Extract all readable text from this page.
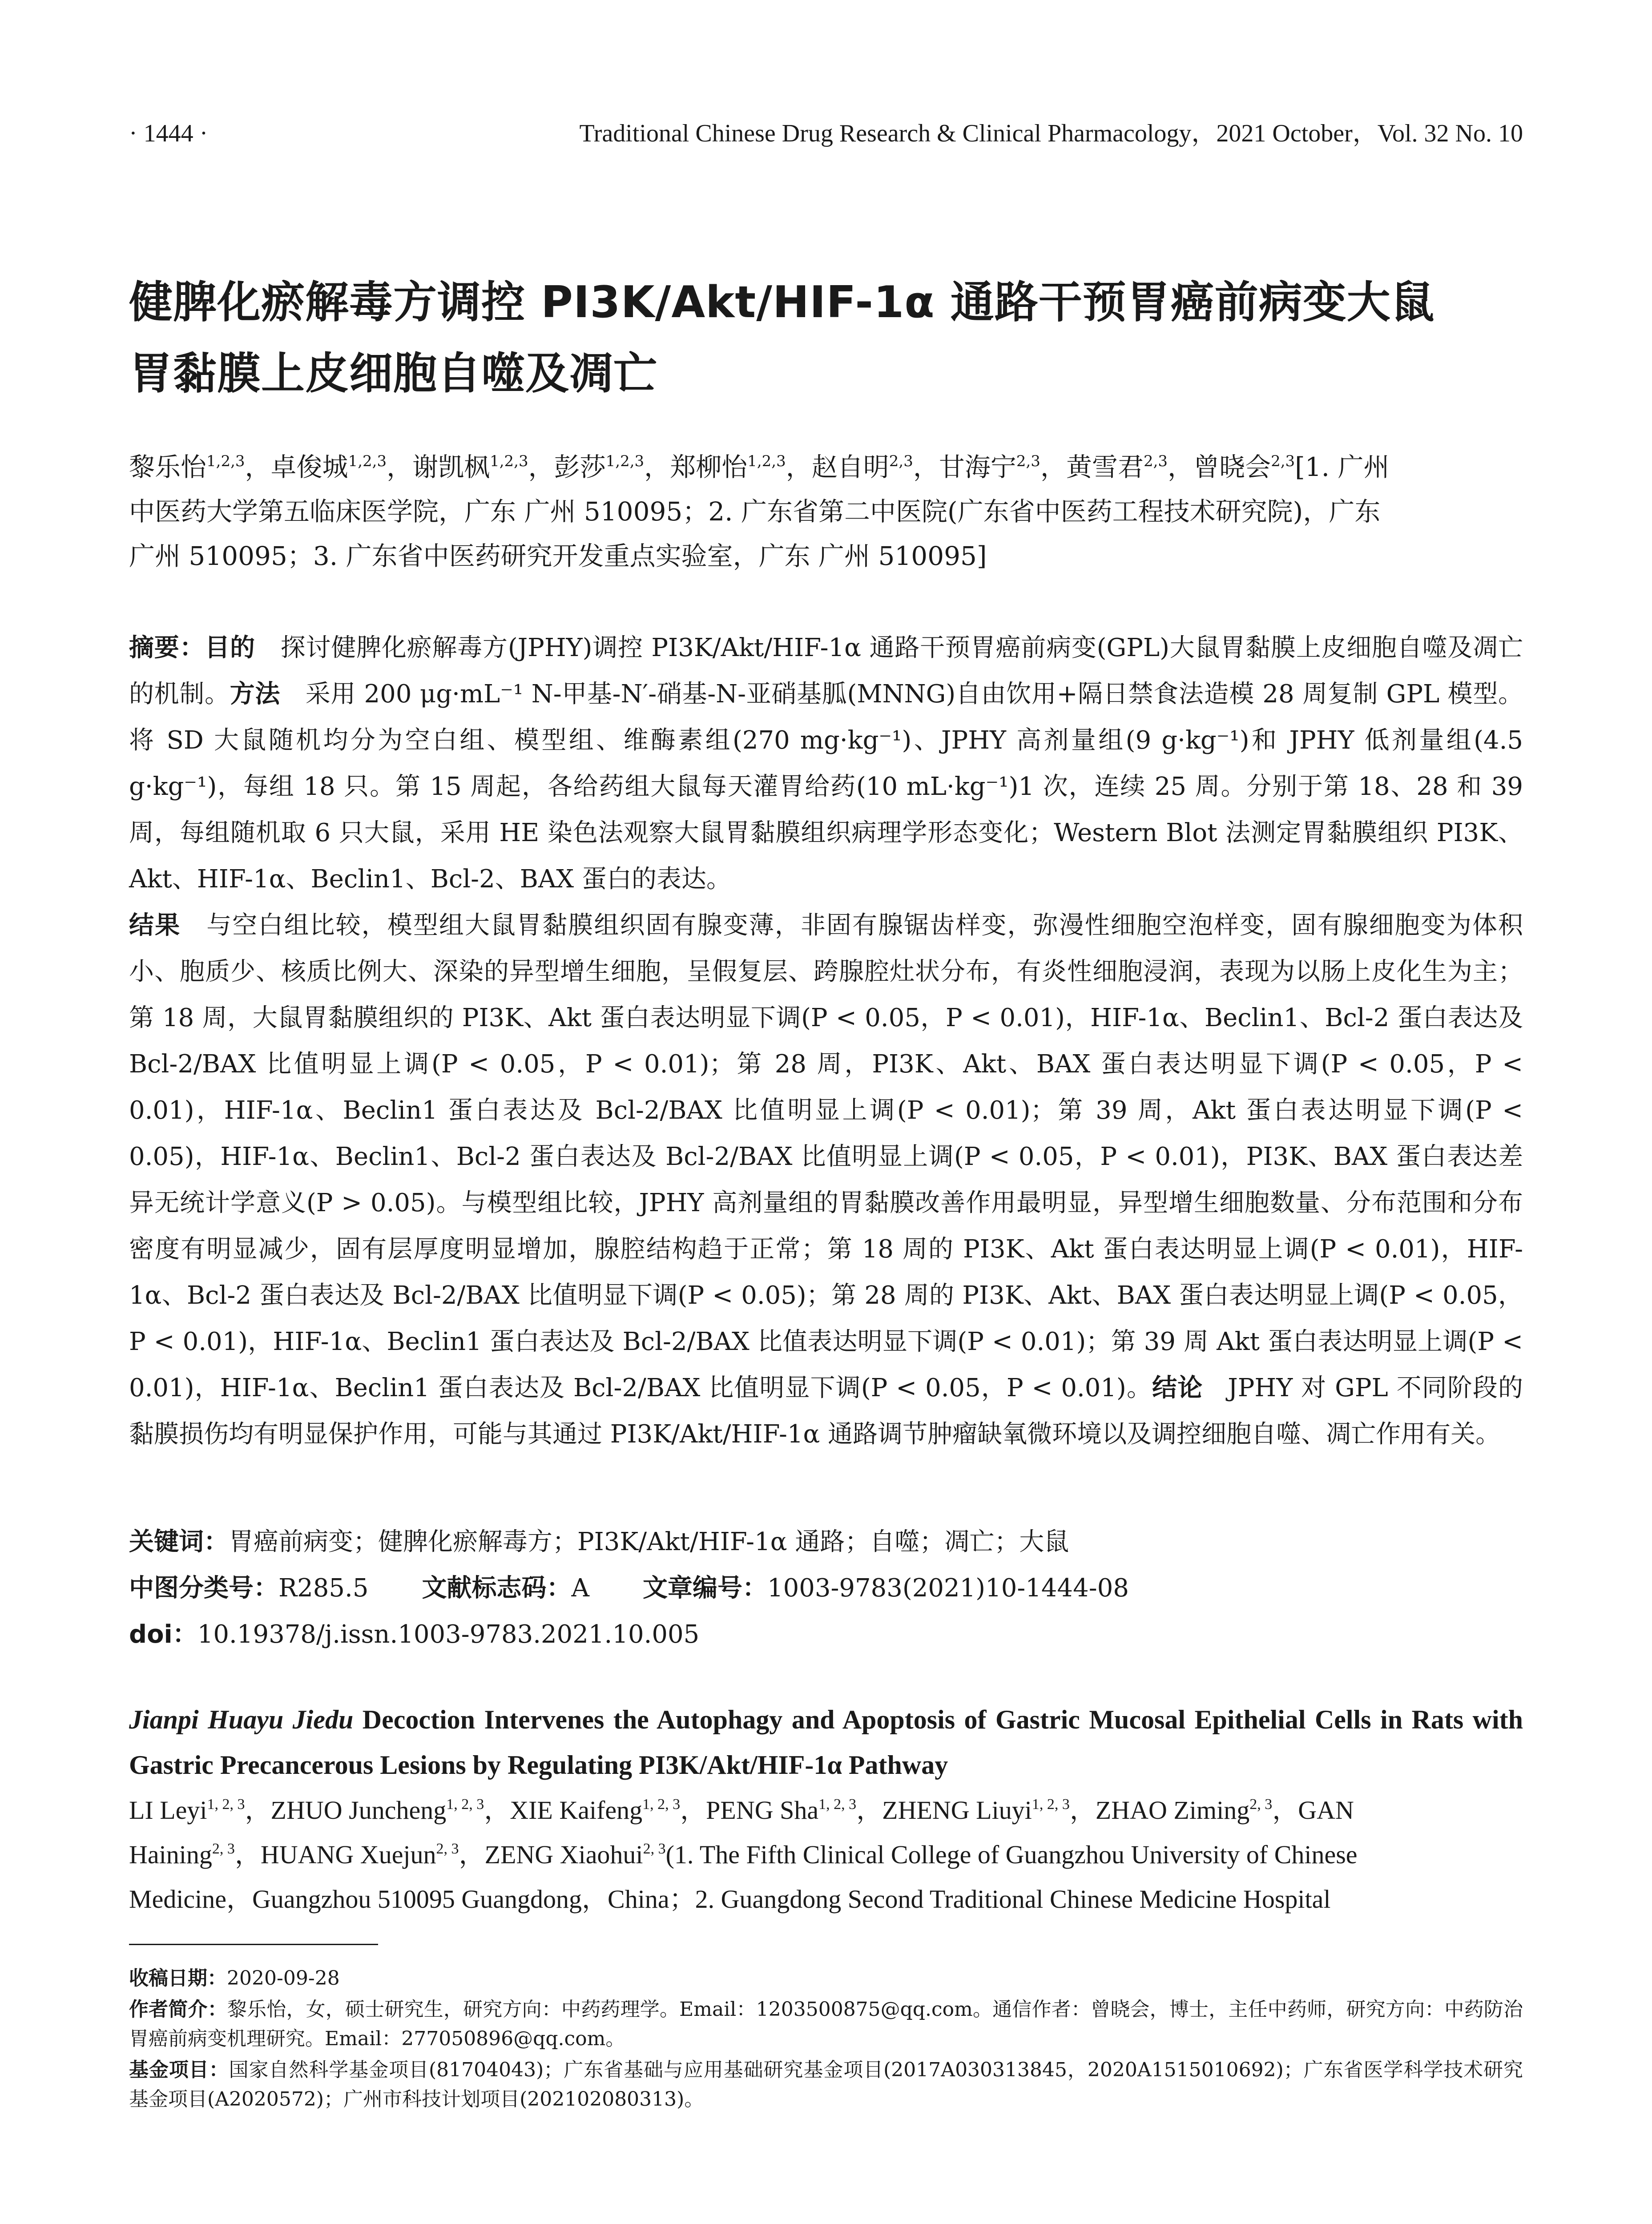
· 1444 ·	Traditional Chinese Drug Research & Clinical Pharmacology，2021 October，Vol. 32 No. 10
健脾化瘀解毒方调控 PI3K/Akt/HIF-1α 通路干预胃癌前病变大鼠
胃黏膜上皮细胞自噬及凋亡
黎乐怡$^{1,2,3}$，卓俊城$^{1,2,3}$，谢凯枫$^{1,2,3}$，彭莎$^{1,2,3}$，郑柳怡$^{1,2,3}$，赵自明$^{2,3}$，甘海宁$^{2,3}$，黄雪君$^{2,3}$，曾晓会$^{2,3}$[1. 广州
中医药大学第五临床医学院，广东 广州 510095；2. 广东省第二中医院(广东省中医药工程技术研究院)，广东
广州 510095；3. 广东省中医药研究开发重点实验室，广东 广州 510095]

摘要：目的  探讨健脾化瘀解毒方(JPHY)调控 PI3K/Akt/HIF-1α 通路干预胃癌前病变(GPL)大鼠胃黏膜上皮细胞自噬及凋亡的机制。方法  采用 200 μg·mL⁻¹ N-甲基-N′-硝基-N-亚硝基胍(MNNG)自由饮用+隔日禁食法造模 28 周复制 GPL 模型。将 SD 大鼠随机均分为空白组、模型组、维酶素组(270 mg·kg⁻¹)、JPHY 高剂量组(9 g·kg⁻¹)和 JPHY 低剂量组(4.5 g·kg⁻¹)，每组 18 只。第 15 周起，各给药组大鼠每天灌胃给药(10 mL·kg⁻¹)1 次，连续 25 周。分别于第 18、28 和 39 周，每组随机取 6 只大鼠，采用 HE 染色法观察大鼠胃黏膜组织病理学形态变化；Western Blot 法测定胃黏膜组织 PI3K、Akt、HIF-1α、Beclin1、Bcl-2、BAX 蛋白的表达。
结果  与空白组比较，模型组大鼠胃黏膜组织固有腺变薄，非固有腺锯齿样变，弥漫性细胞空泡样变，固有腺细胞变为体积小、胞质少、核质比例大、深染的异型增生细胞，呈假复层、跨腺腔灶状分布，有炎性细胞浸润，表现为以肠上皮化生为主；第 18 周，大鼠胃黏膜组织的 PI3K、Akt 蛋白表达明显下调(P < 0.05，P < 0.01)，HIF-1α、Beclin1、Bcl-2 蛋白表达及 Bcl-2/BAX 比值明显上调(P < 0.05，P < 0.01)；第 28 周，PI3K、Akt、BAX 蛋白表达明显下调(P < 0.05，P < 0.01)，HIF-1α、Beclin1 蛋白表达及 Bcl-2/BAX 比值明显上调(P < 0.01)；第 39 周，Akt 蛋白表达明显下调(P < 0.05)，HIF-1α、Beclin1、Bcl-2 蛋白表达及 Bcl-2/BAX 比值明显上调(P < 0.05，P < 0.01)，PI3K、BAX 蛋白表达差异无统计学意义(P > 0.05)。与模型组比较，JPHY 高剂量组的胃黏膜改善作用最明显，异型增生细胞数量、分布范围和分布密度有明显减少，固有层厚度明显增加，腺腔结构趋于正常；第 18 周的 PI3K、Akt 蛋白表达明显上调(P < 0.01)，HIF-1α、Bcl-2 蛋白表达及 Bcl-2/BAX 比值明显下调(P < 0.05)；第 28 周的 PI3K、Akt、BAX 蛋白表达明显上调(P < 0.05，P < 0.01)，HIF-1α、Beclin1 蛋白表达及 Bcl-2/BAX 比值表达明显下调(P < 0.01)；第 39 周 Akt 蛋白表达明显上调(P < 0.01)，HIF-1α、Beclin1 蛋白表达及 Bcl-2/BAX 比值明显下调(P < 0.05，P < 0.01)。结论  JPHY 对 GPL 不同阶段的黏膜损伤均有明显保护作用，可能与其通过 PI3K/Akt/HIF-1α 通路调节肿瘤缺氧微环境以及调控细胞自噬、凋亡作用有关。

关键词：胃癌前病变；健脾化瘀解毒方；PI3K/Akt/HIF-1α 通路；自噬；凋亡；大鼠
中图分类号：R285.5 文献标志码：A 文章编号：1003-9783(2021)10-1444-08
doi：10.19378/j.issn.1003-9783.2021.10.005
Jianpi Huayu Jiedu Decoction Intervenes the Autophagy and Apoptosis of Gastric Mucosal Epithelial Cells in Rats with Gastric Precancerous Lesions by Regulating PI3K/Akt/HIF-1α Pathway
LI Leyi$^{1, 2, 3}$，ZHUO Juncheng$^{1, 2, 3}$，XIE Kaifeng$^{1, 2, 3}$，PENG Sha$^{1, 2, 3}$，ZHENG Liuyi$^{1, 2, 3}$，ZHAO Ziming$^{2, 3}$，GAN
Haining$^{2, 3}$，HUANG Xuejun$^{2, 3}$，ZENG Xiaohui$^{2, 3}$(1. The Fifth Clinical College of Guangzhou University of Chinese
Medicine，Guangzhou 510095 Guangdong，China；2. Guangdong Second Traditional Chinese Medicine Hospital

收稿日期：2020-09-28

作者简介：黎乐怡，女，硕士研究生，研究方向：中药药理学。Email：1203500875@qq.com。通信作者：曾晓会，博士，主任中药师，研究方向：中药防治胃癌前病变机理研究。Email：277050896@qq.com。

基金项目：国家自然科学基金项目(81704043)；广东省基础与应用基础研究基金项目(2017A030313845，2020A1515010692)；广东省医学科学技术研究基金项目(A2020572)；广州市科技计划项目(202102080313)。
